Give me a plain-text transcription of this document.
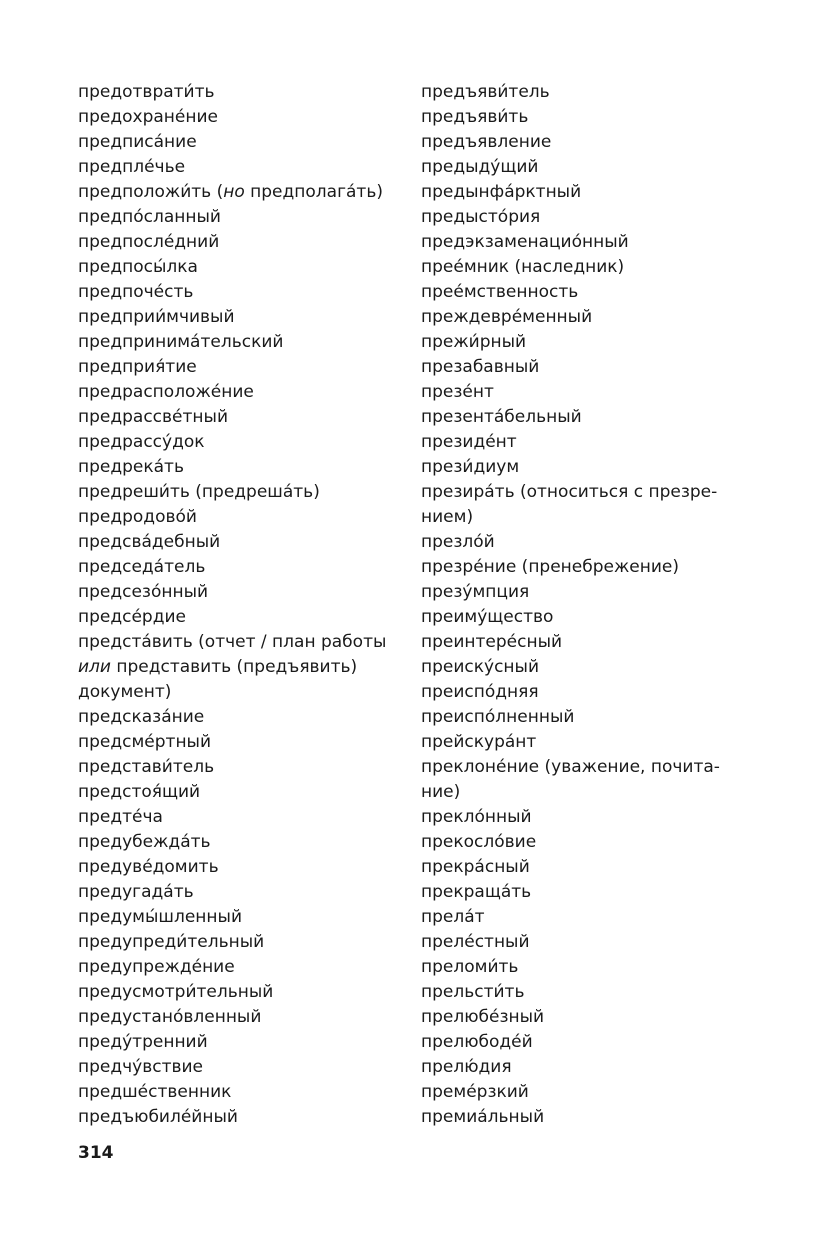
предотврати́ть
предохране́ние
предписа́ние
предпле́чье
предположи́ть (но предполага́ть)
предпо́сланный
предпосле́дний
предпосы́лка
предпоче́сть
предприи́мчивый
предпринима́тельский
предприя́тие
предрасположе́ние
предрассве́тный
предрассу́док
предрека́ть
предреши́ть (предреша́ть)
предродово́й
предсва́дебный
председа́тель
предсезо́нный
предсе́рдие
предста́вить (отчет / план работы или представить (предъявить) документ)
предсказа́ние
предсме́ртный
представи́тель
предстоя́щий
предте́ча
предубежда́ть
предуве́домить
предугада́ть
предумы́шленный
предупреди́тельный
предупрежде́ние
предусмотри́тельный
предустано́вленный
преду́тренний
предчу́вствие
предше́ственник
предъюбиле́йный
предъяви́тель
предъяви́ть
предъявление
предыду́щий
предынфа́рктный
предысто́рия
предэкзаменацио́нный
прее́мник (наследник)
прее́мственность
преждевре́менный
прежи́рный
презабавный
презе́нт
презента́бельный
президе́нт
прези́диум
презира́ть (относиться с презрением)
презло́й
презре́ние (пренебрежение)
презу́мпция
преиму́щество
преинтере́сный
преиску́сный
преиспо́дняя
преиспо́лненный
прейскура́нт
преклоне́ние (уважение, почитание)
прекло́нный
прекосло́вие
прекра́сный
прекраща́ть
прела́т
преле́стный
преломи́ть
прельсти́ть
прелюбе́зный
прелюбоде́й
прелю́дия
преме́рзкий
премиа́льный
314
